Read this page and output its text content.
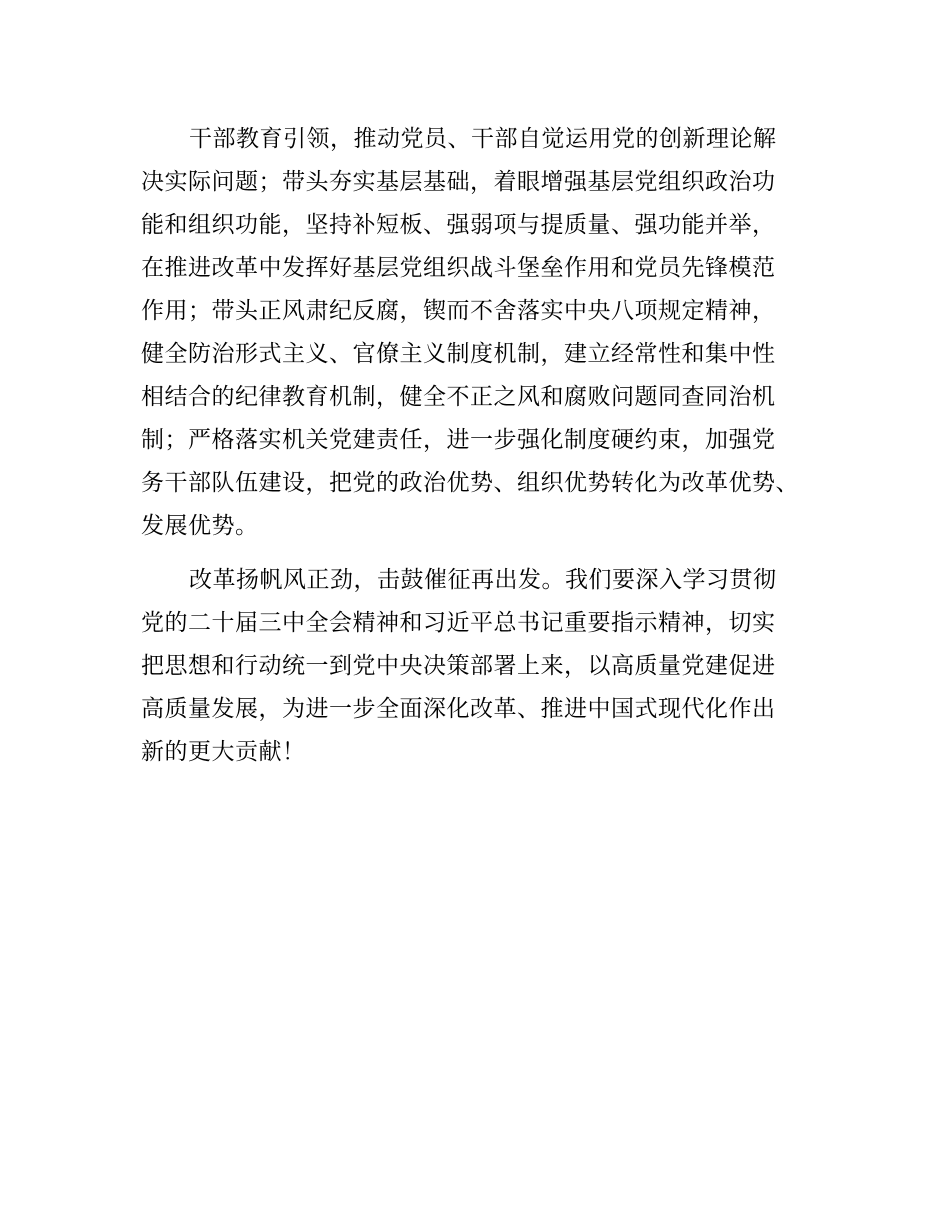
干部教育引领，推动党员、干部自觉运用党的创新理论解
决实际问题；带头夯实基层基础，着眼增强基层党组织政治功
能和组织功能，坚持补短板、强弱项与提质量、强功能并举，
在推进改革中发挥好基层党组织战斗堡垒作用和党员先锋模范
作用；带头正风肃纪反腐，锲而不舍落实中央八项规定精神，
健全防治形式主义、官僚主义制度机制，建立经常性和集中性
相结合的纪律教育机制，健全不正之风和腐败问题同查同治机
制；严格落实机关党建责任，进一步强化制度硬约束，加强党
务干部队伍建设，把党的政治优势、组织优势转化为改革优势、
发展优势。
改革扬帆风正劲，击鼓催征再出发。我们要深入学习贯彻
党的二十届三中全会精神和习近平总书记重要指示精神，切实
把思想和行动统一到党中央决策部署上来，以高质量党建促进
高质量发展，为进一步全面深化改革、推进中国式现代化作出
新的更大贡献！
